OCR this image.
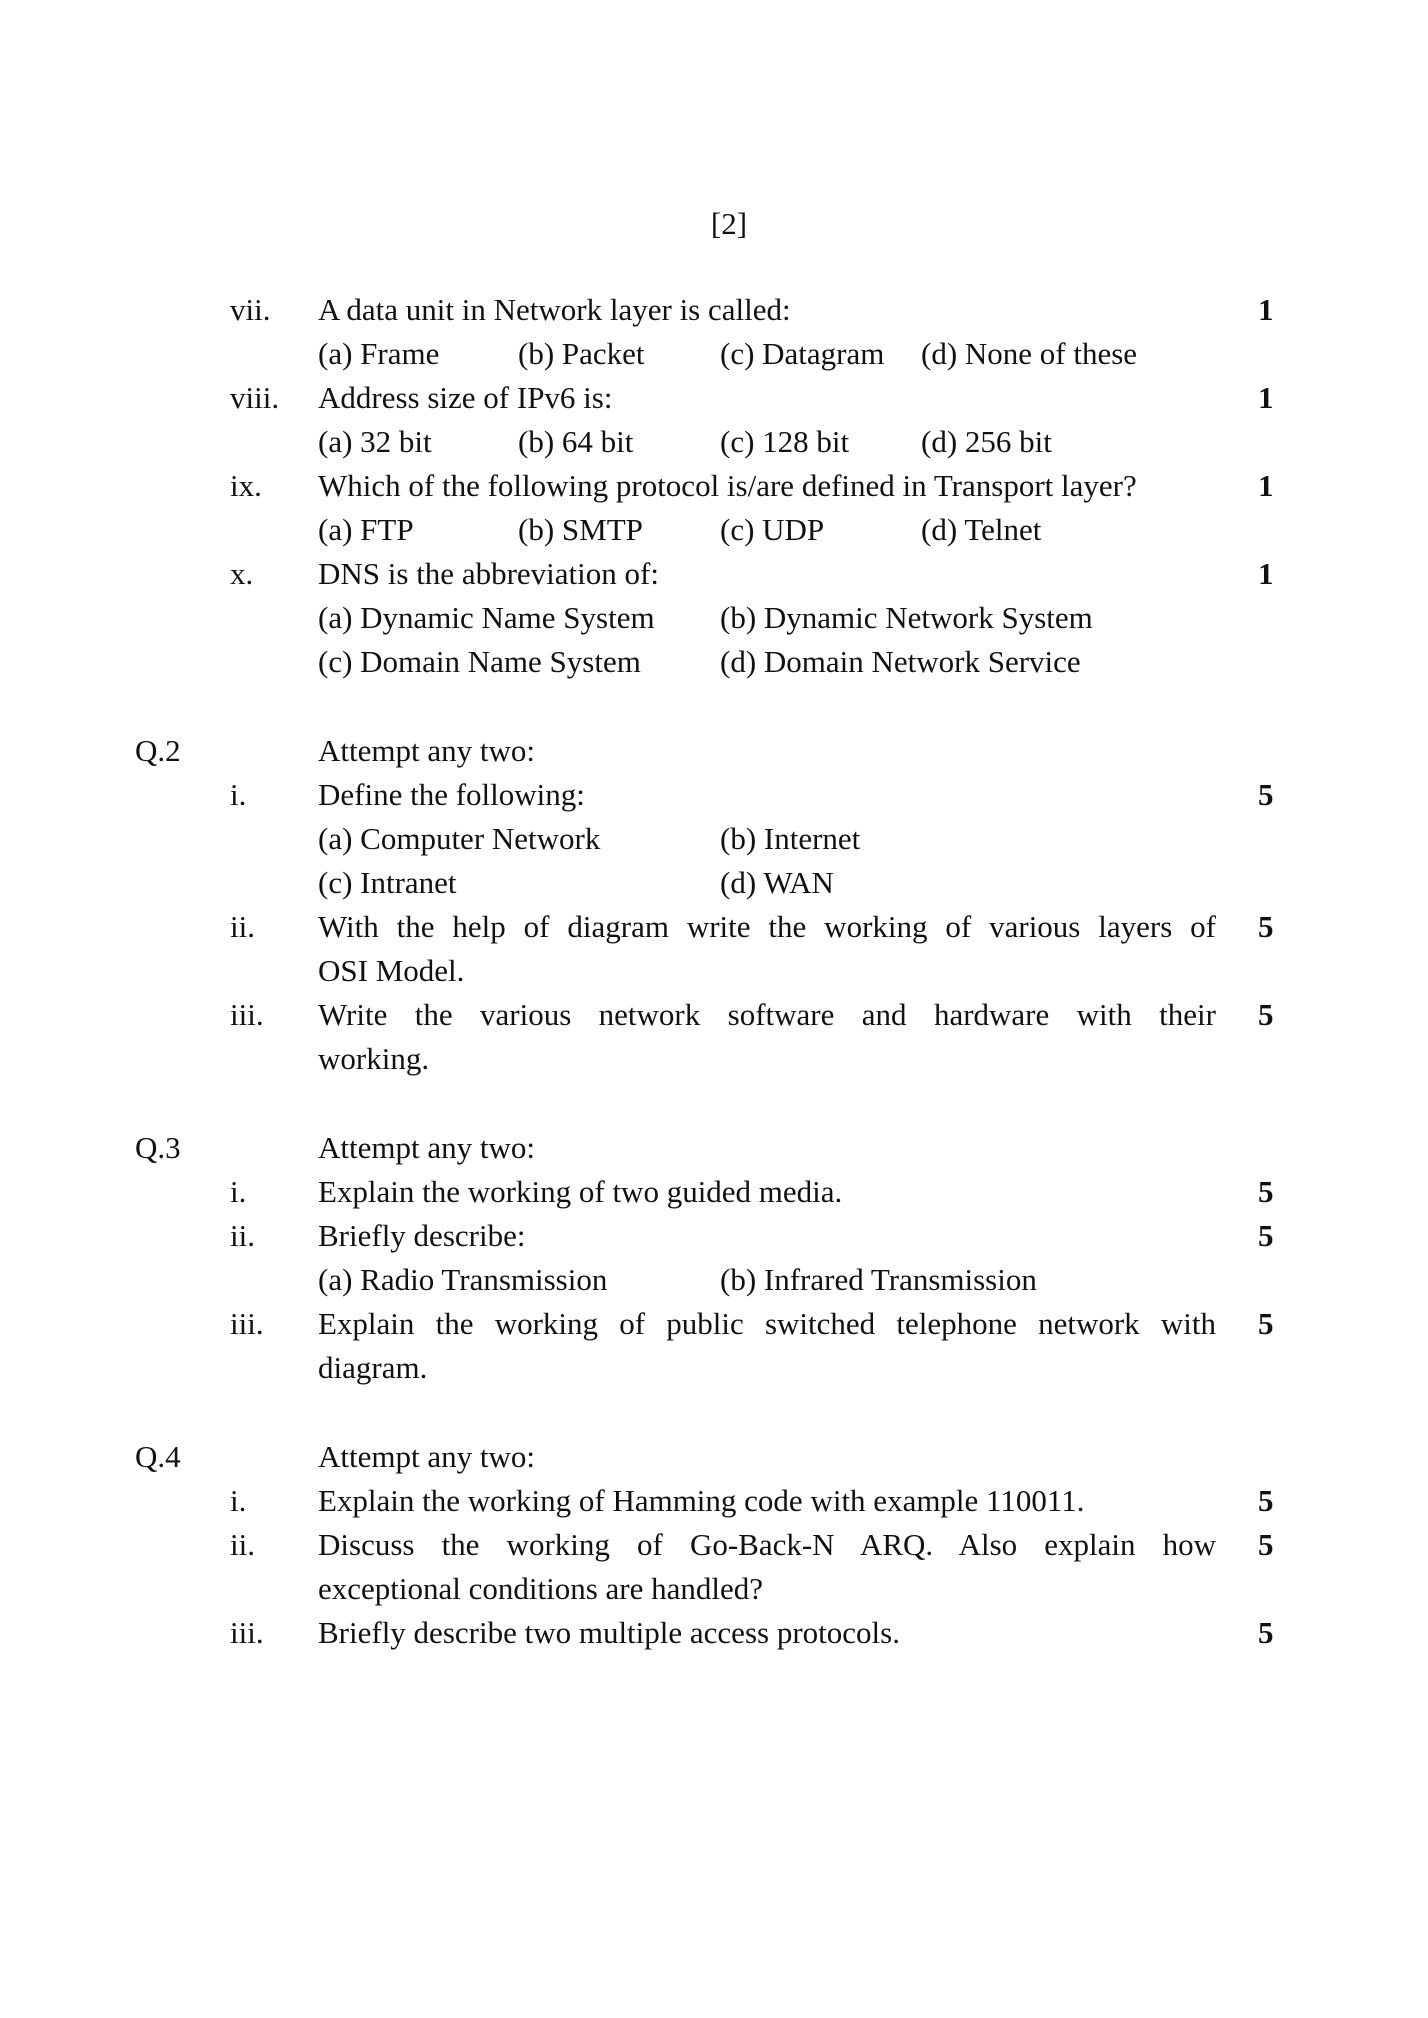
[2]
vii. A data unit in Network layer is called:	1
(a) Frame	(b) Packet (c) Datagram (d) None of these
viii. Address size of IPv6 is:	1
(a) 32 bit	(b) 64 bit	(c) 128 bit (d) 256 bit
ix. Which of the following protocol is/are defined in Transport layer?	1
(a) FTP	(b) SMTP (c) UDP	(d) Telnet
x. DNS is the abbreviation of:	1
(a) Dynamic Name System (b) Dynamic Network System
(c) Domain Name System	(d) Domain Network Service
Q.2	Attempt any two:
i. Define the following:	5
(a) Computer Network	(b) Internet
(c) Intranet	(d) WAN
ii. With the help of diagram write the working of various layers of 5
OSI Model.
iii. Write the various network software and hardware with their 5
working.
Q.3	Attempt any two:
i. Explain the working of two guided media.	5
ii. Briefly describe:	5
(a) Radio Transmission	(b) Infrared Transmission
iii. Explain the working of public switched telephone network with 5
diagram.
Q.4	Attempt any two:
i. Explain the working of Hamming code with example 110011.	5
ii. Discuss the working of Go-Back-N ARQ. Also explain how 5
exceptional conditions are handled?
iii. Briefly describe two multiple access protocols.	5
